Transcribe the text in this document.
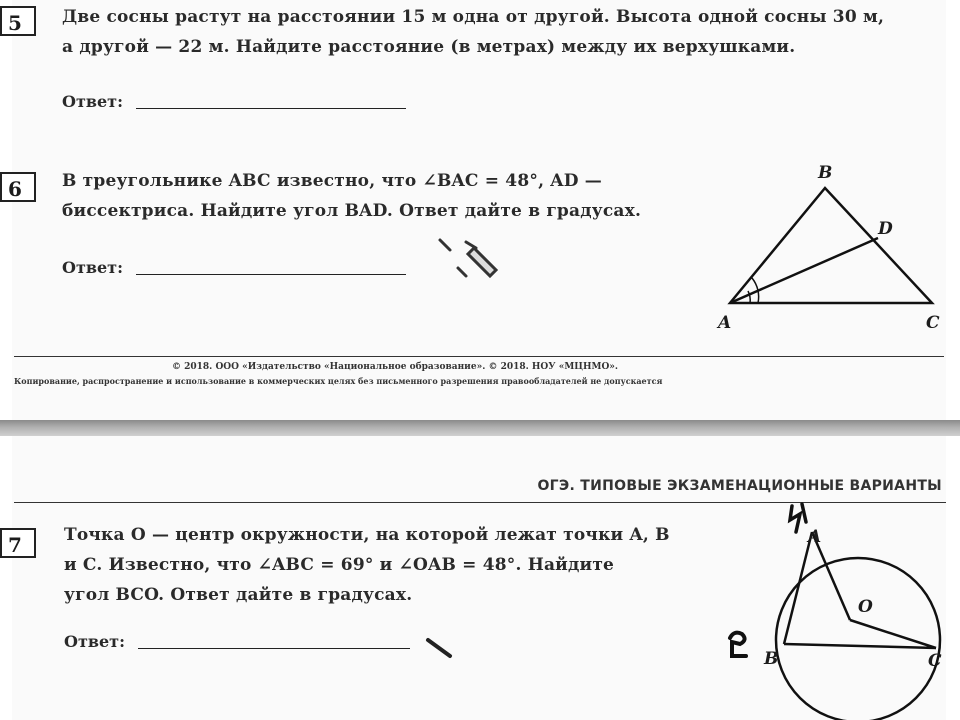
5	Две сосны растут на расстоянии 15 м одна от другой. Высота одной сосны 30 м,
а другой — 22 м. Найдите расстояние (в метрах) между их верхушками.
Ответ:
6	В треугольнике ABC известно, что ∠BAC = 48°, AD —
биссектриса. Найдите угол BAD. Ответ дайте в градусах.
Ответ:
B
D
A	C
© 2018. ООО «Издательство «Национальное образование». © 2018. НОУ «МЦНМО».
Копирование, распространение и использование в коммерческих целях без письменного разрешения правообладателей не допускается
ОГЭ. ТИПОВЫЕ ЭКЗАМЕНАЦИОННЫЕ ВАРИАНТЫ
7	Точка O — центр окружности, на которой лежат точки A, B
и C. Известно, что ∠ABC = 69° и ∠OAB = 48°. Найдите
угол BCO. Ответ дайте в градусах.
Ответ:
A
O
B	C
